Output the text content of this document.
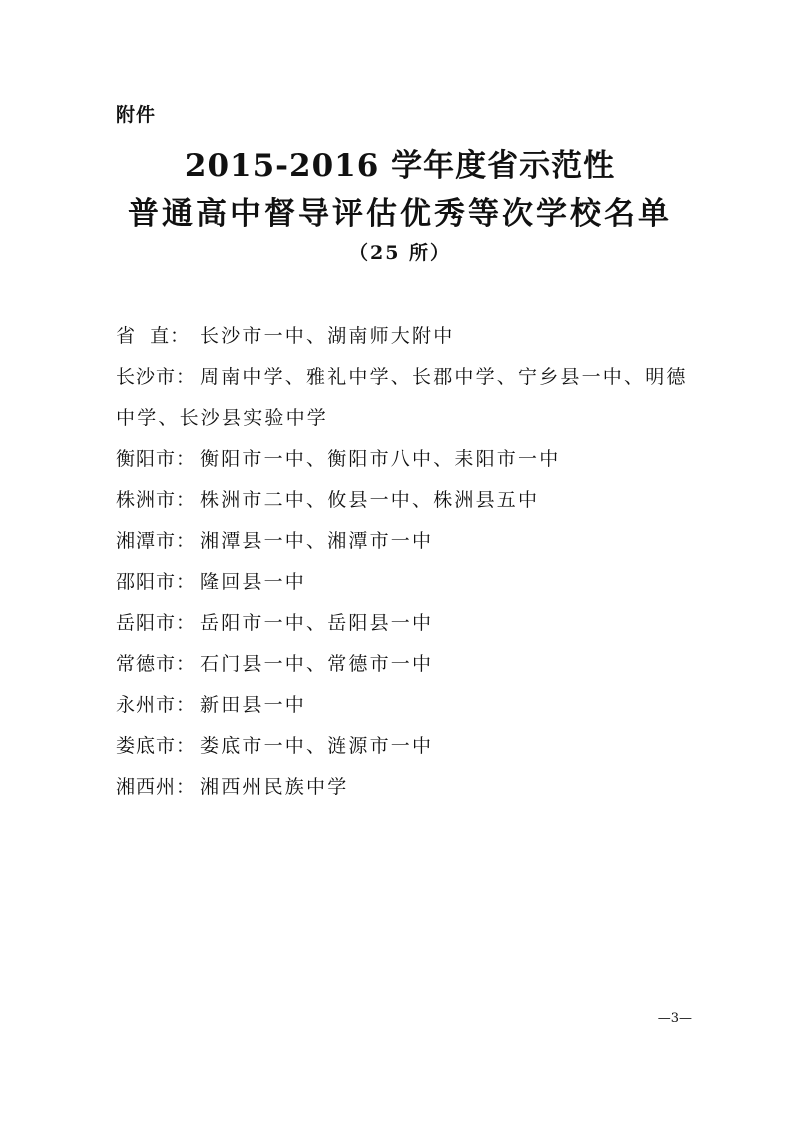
附件
2015-2016 学年度省示范性
普通高中督导评估优秀等次学校名单
（25 所）
省  直： 长沙市一中、湖南师大附中
长沙市： 周南中学、雅礼中学、长郡中学、宁乡县一中、明德中学、长沙县实验中学
衡阳市： 衡阳市一中、衡阳市八中、耒阳市一中
株洲市： 株洲市二中、攸县一中、株洲县五中
湘潭市： 湘潭县一中、湘潭市一中
邵阳市： 隆回县一中
岳阳市： 岳阳市一中、岳阳县一中
常德市： 石门县一中、常德市一中
永州市： 新田县一中
娄底市： 娄底市一中、涟源市一中
湘西州： 湘西州民族中学
—3—
